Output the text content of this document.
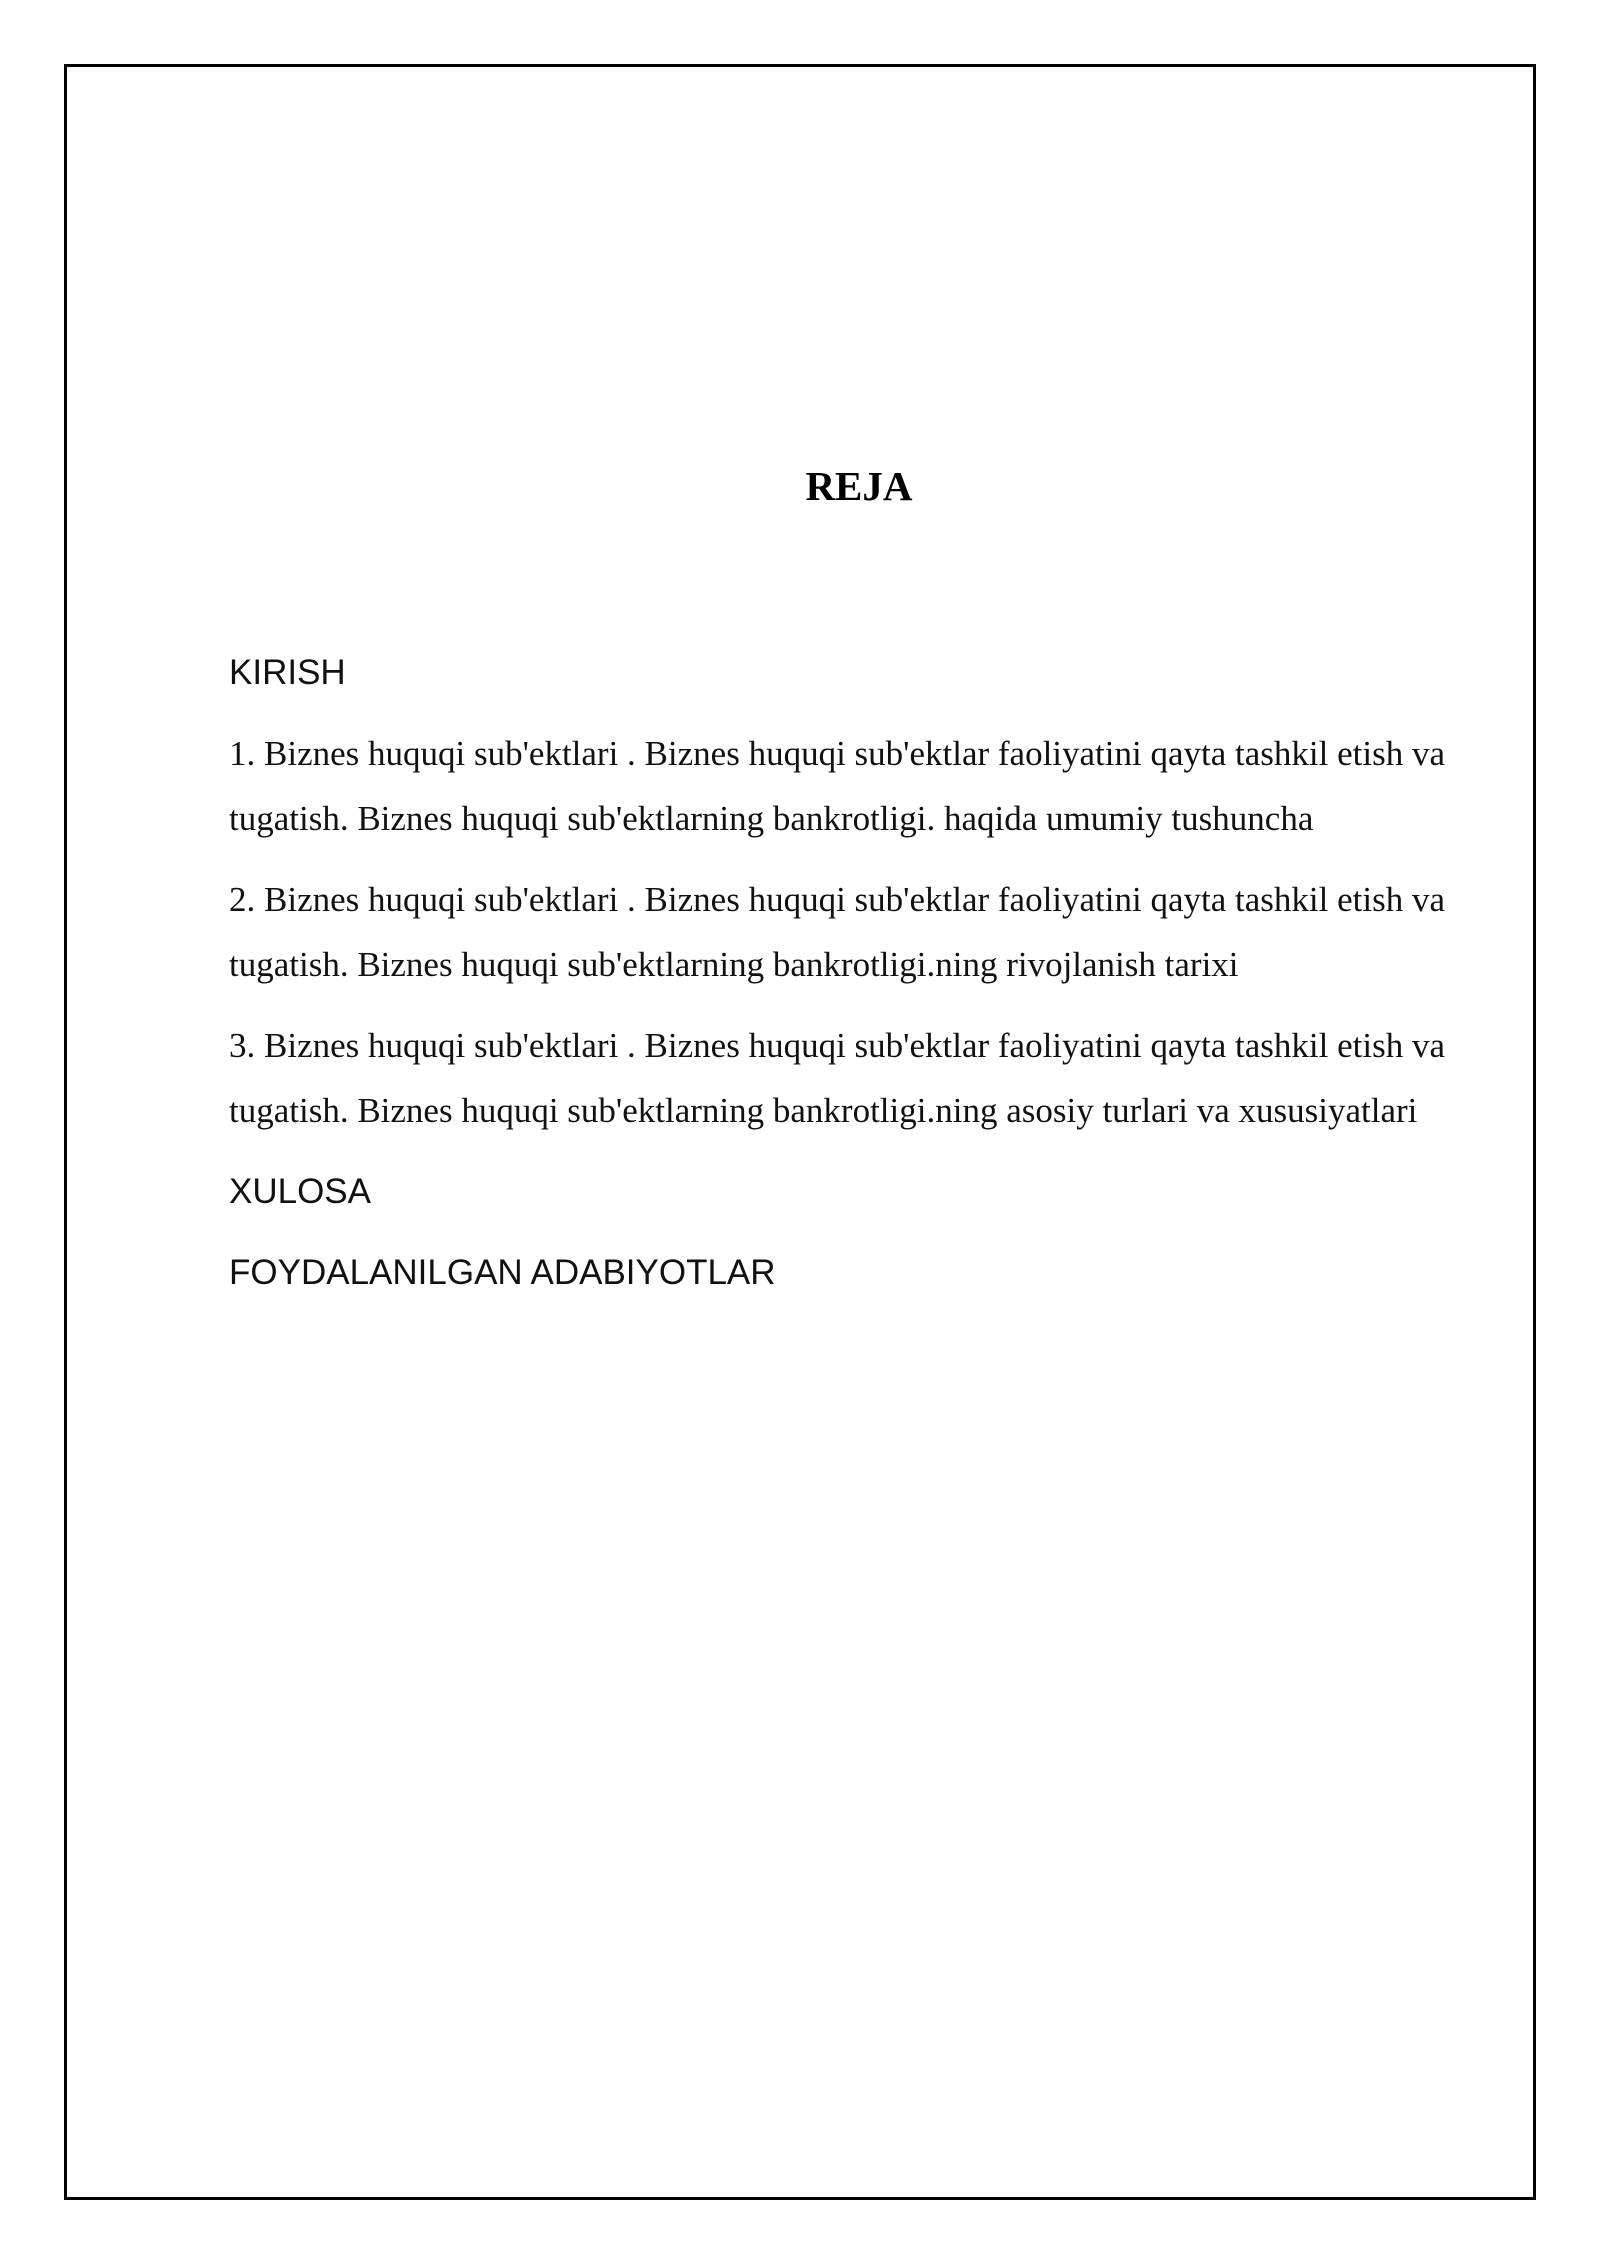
REJA
KIRISH
1. Biznes huquqi sub'ektlari . Biznes huquqi sub'ektlar faoliyatini qayta tashkil etish va tugatish. Biznes huquqi sub'ektlarning bankrotligi. haqida umumiy tushuncha
2. Biznes huquqi sub'ektlari . Biznes huquqi sub'ektlar faoliyatini qayta tashkil etish va tugatish. Biznes huquqi sub'ektlarning bankrotligi.ning rivojlanish tarixi
3. Biznes huquqi sub'ektlari . Biznes huquqi sub'ektlar faoliyatini qayta tashkil etish va tugatish. Biznes huquqi sub'ektlarning bankrotligi.ning asosiy turlari va xususiyatlari
XULOSA
FOYDALANILGAN ADABIYOTLAR
